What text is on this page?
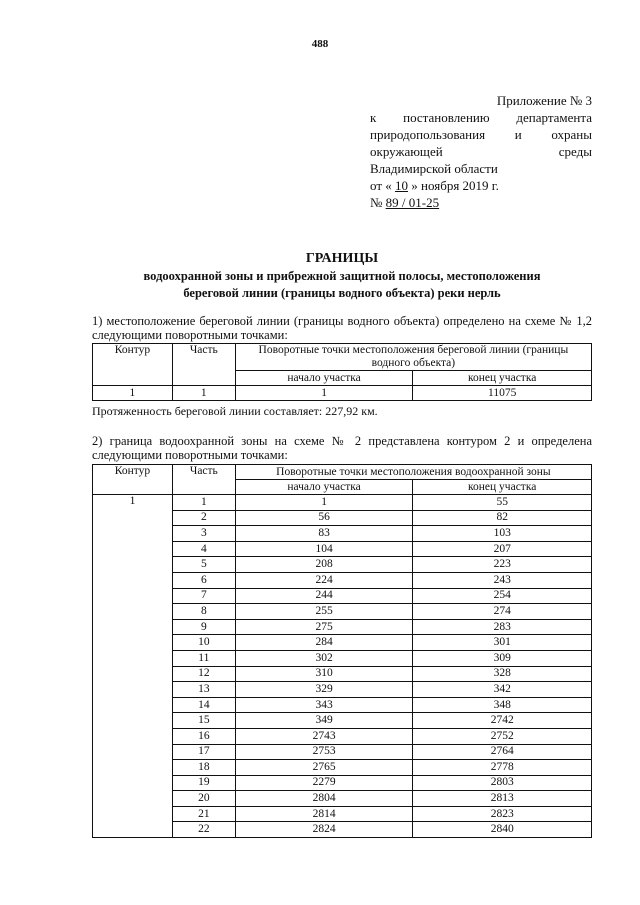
488
Приложение № 3
к постановлению департамента
природопользования и охраны
окружающей среды
Владимирской области
от « 10 » ноября 2019 г.
№ 89 / 01-25
ГРАНИЦЫ
водоохранной зоны и прибрежной защитной полосы, местоположения
береговой линии (границы водного объекта) реки нерль
1) местоположение береговой линии (границы водного объекта) определено на схеме № 1,2 следующими поворотными точками:
Контур	Часть	Поворотные точки местоположения береговой линии (границы водного объекта)	
		начало участка	конец участка
1	1	1	11075
Протяженность береговой линии составляет: 227,92 км.
2) граница водоохранной зоны на схеме № 2 представлена контуром 2 и определена следующими поворотными точками:
Контур	Часть	Поворотные точки местоположения водоохранной зоны	
		начало участка	конец участка
1	1	1	55
	2	56	82
	3	83	103
	4	104	207
	5	208	223
	6	224	243
	7	244	254
	8	255	274
	9	275	283
	10	284	301
	11	302	309
	12	310	328
	13	329	342
	14	343	348
	15	349	2742
	16	2743	2752
	17	2753	2764
	18	2765	2778
	19	2279	2803
	20	2804	2813
	21	2814	2823
	22	2824	2840
